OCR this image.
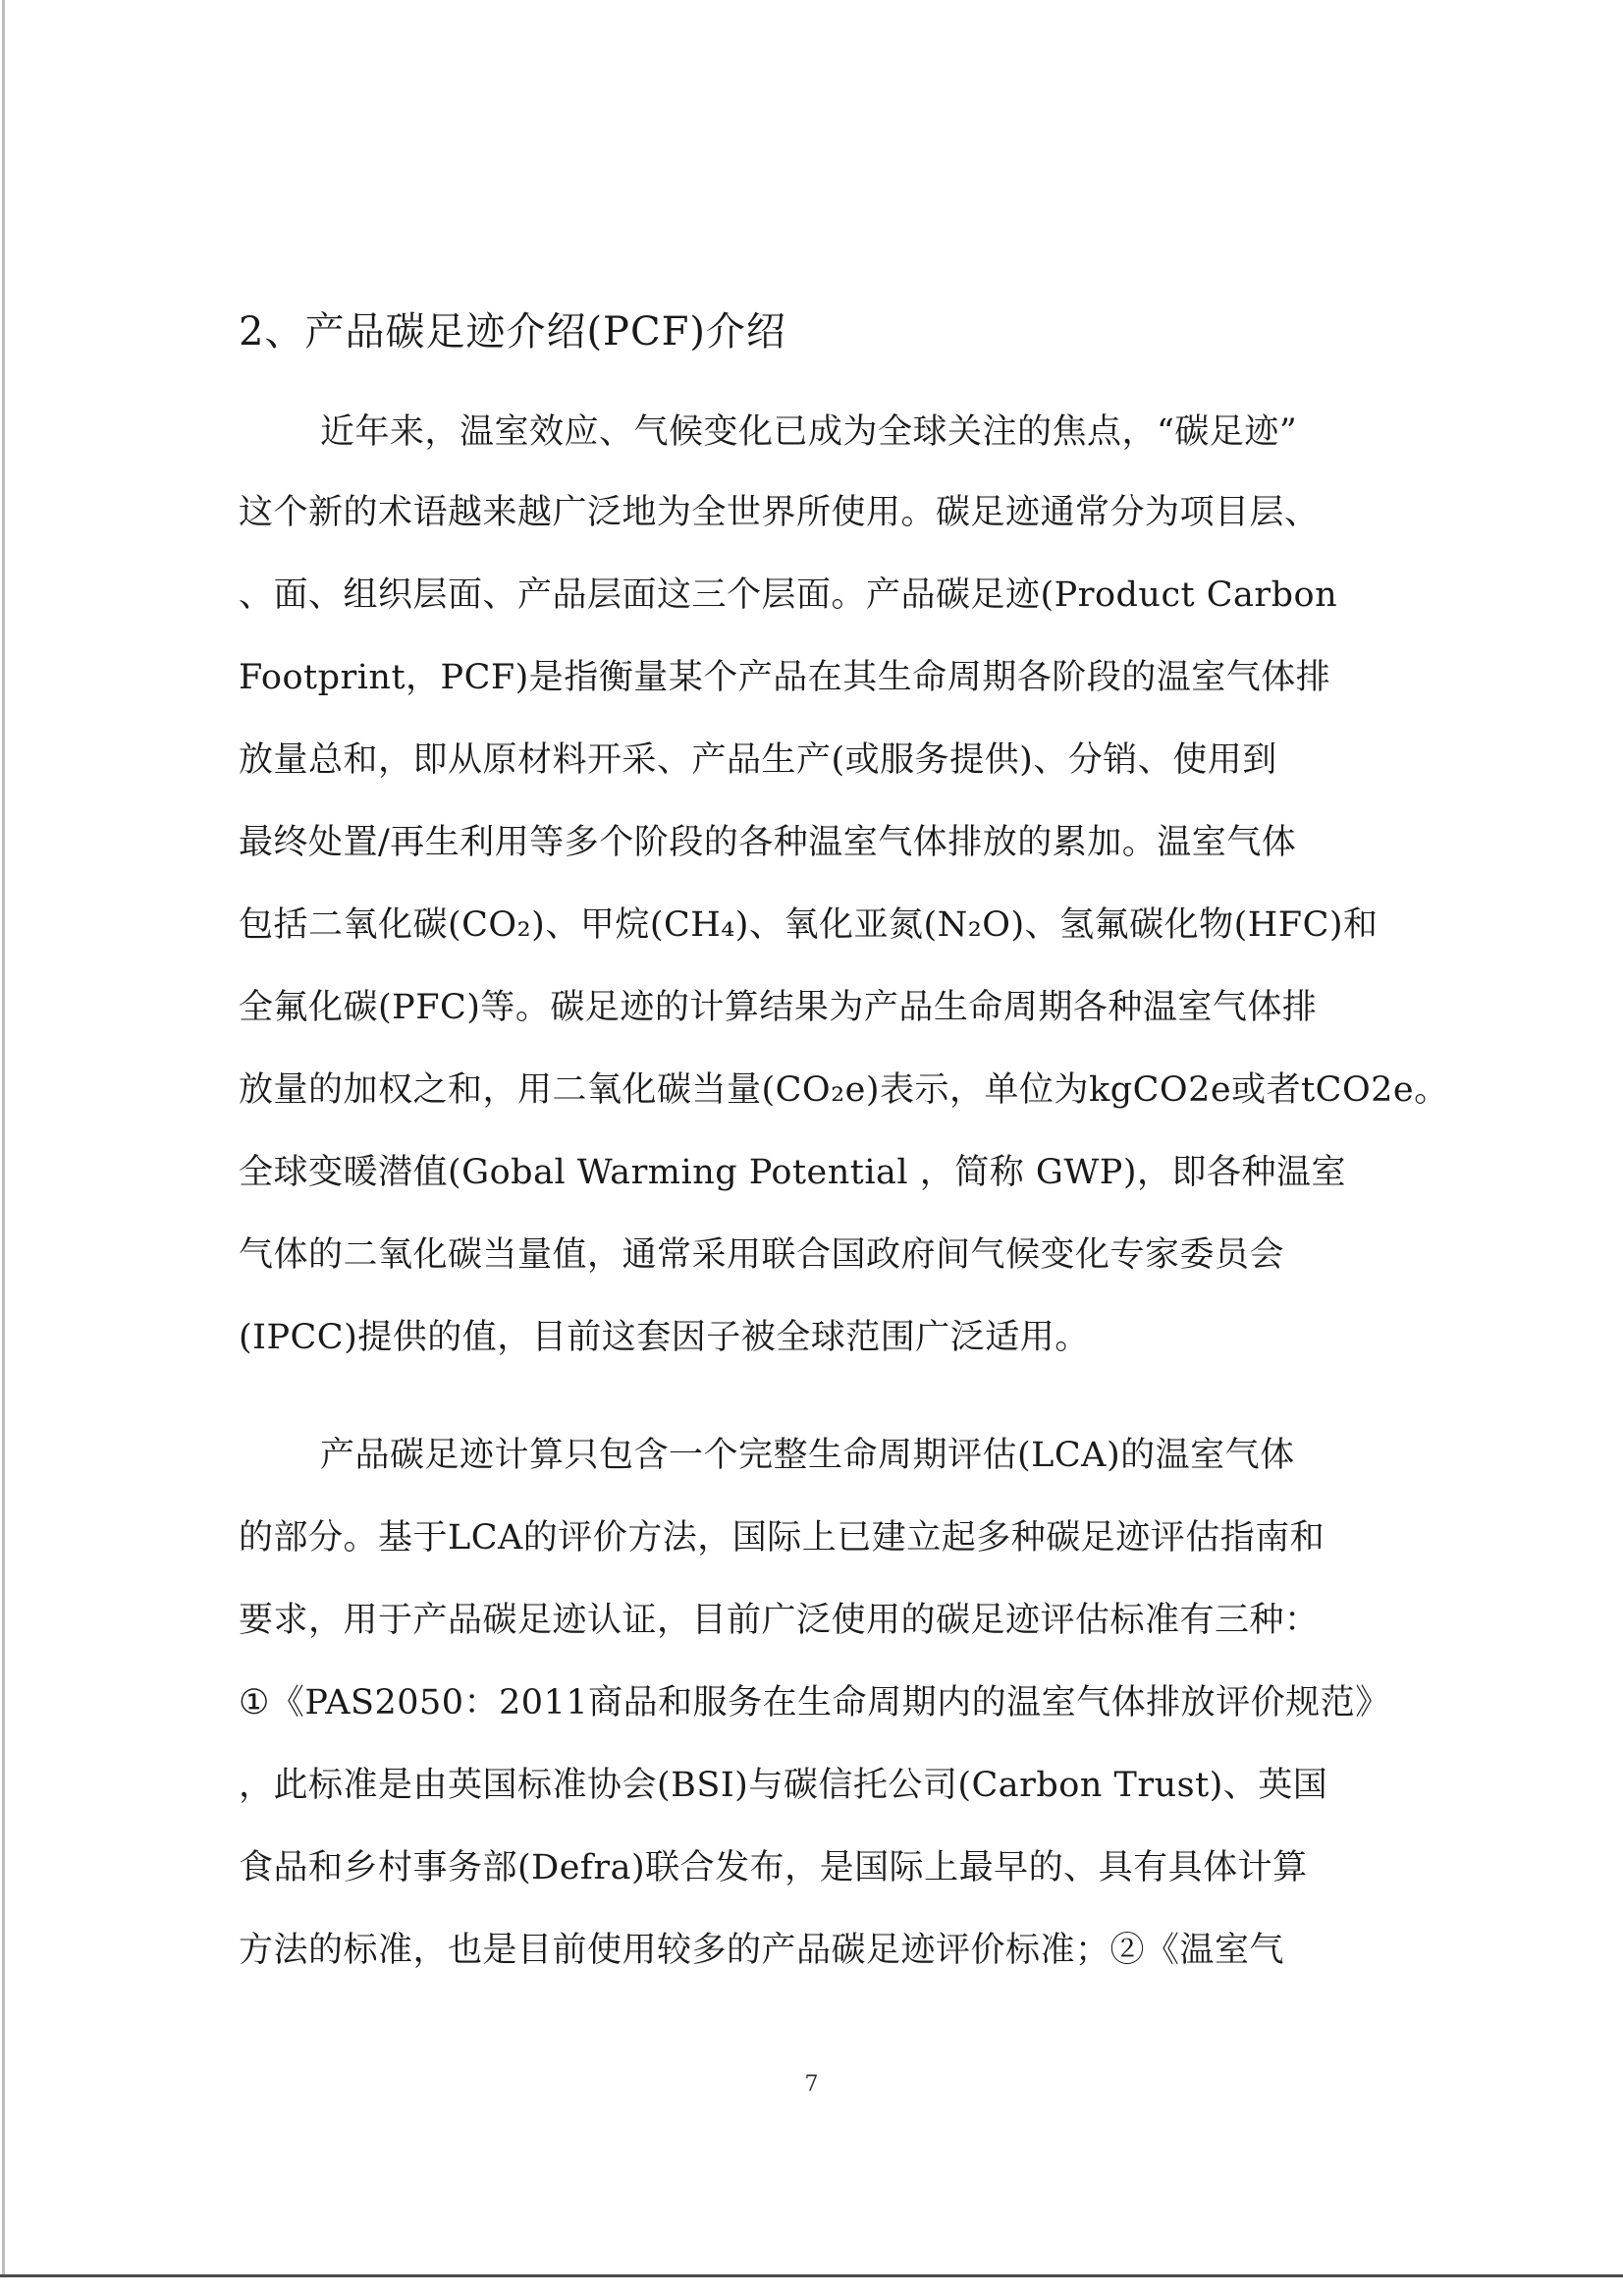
2、产品碳足迹介绍(PCF)介绍
近年来，温室效应、气候变化已成为全球关注的焦点，“碳足迹”
这个新的术语越来越广泛地为全世界所使用。碳足迹通常分为项目层、
、面、组织层面、产品层面这三个层面。产品碳足迹(Product Carbon
Footprint，PCF)是指衡量某个产品在其生命周期各阶段的温室气体排
放量总和，即从原材料开采、产品生产(或服务提供)、分销、使用到
最终处置/再生利用等多个阶段的各种温室气体排放的累加。温室气体
包括二氧化碳(CO₂)、甲烷(CH₄)、氧化亚氮(N₂O)、氢氟碳化物(HFC)和
全氟化碳(PFC)等。碳足迹的计算结果为产品生命周期各种温室气体排
放量的加权之和，用二氧化碳当量(CO₂e)表示，单位为kgCO2e或者tCO2e。
全球变暖潜值(Gobal Warming Potential ，简称 GWP)，即各种温室
气体的二氧化碳当量值，通常采用联合国政府间气候变化专家委员会
(IPCC)提供的值，目前这套因子被全球范围广泛适用。
产品碳足迹计算只包含一个完整生命周期评估(LCA)的温室气体
的部分。基于LCA的评价方法，国际上已建立起多种碳足迹评估指南和
要求，用于产品碳足迹认证，目前广泛使用的碳足迹评估标准有三种：
①《PAS2050：2011商品和服务在生命周期内的温室气体排放评价规范》
，此标准是由英国标准协会(BSI)与碳信托公司(Carbon Trust)、英国
食品和乡村事务部(Defra)联合发布，是国际上最早的、具有具体计算
方法的标准，也是目前使用较多的产品碳足迹评价标准；②《温室气
7
